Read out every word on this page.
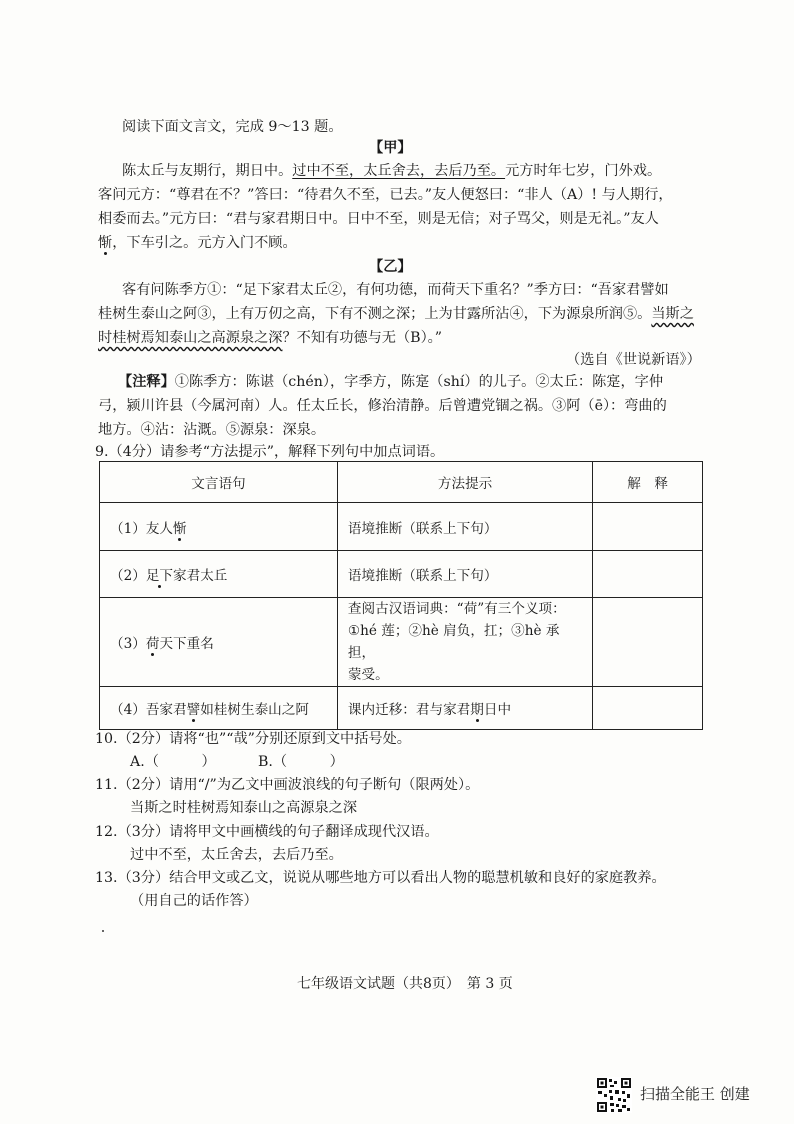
阅读下面文言文，完成 9～13 题。
【甲】
陈太丘与友期行，期日中。过中不至，太丘舍去，去后乃至。元方时年七岁，门外戏。
客问元方：“尊君在不？”答曰：“待君久不至，已去。”友人便怒曰：“非人（A）! 与人期行，
相委而去。”元方曰：“君与家君期日中。日中不至，则是无信；对子骂父，则是无礼。”友人
惭，下车引之。元方入门不顾。
【乙】
客有问陈季方①：“足下家君太丘②，有何功德，而荷天下重名？”季方曰：“吾家君譬如
桂树生泰山之阿③，上有万仞之高，下有不测之深；上为甘露所沾④，下为源泉所润⑤。当斯之
时桂树焉知泰山之高源泉之深？不知有功德与无（B）。”
（选自《世说新语》）
【注释】①陈季方：陈谌（chén），字季方，陈寔（shí）的儿子。②太丘：陈寔，字仲
弓，颍川许县（今属河南）人。任太丘长，修治清静。后曾遭党锢之祸。③阿（ē）：弯曲的
地方。④沾：沾溉。⑤源泉：深泉。
9.（4分）请参考“方法提示”，解释下列句中加点词语。
文言语句	方法提示	解　释
（1）友人惭	语境推断（联系上下句）	
（2）足下家君太丘	语境推断（联系上下句）	
（3）荷天下重名	查阅古汉语词典：“荷”有三个义项：
①hé 莲；②hè 肩负，扛；③hè 承担，
蒙受。	

（4）吾家君譬如桂树生泰山之阿	课内迁移：君与家君期日中	
10.（2分）请将“也”“哉”分别还原到文中括号处。
A.（　　　）	B.（　　　）
11.（2分）请用“/”为乙文中画波浪线的句子断句（限两处）。
当斯之时桂树焉知泰山之高源泉之深
12.（3分）请将甲文中画横线的句子翻译成现代汉语。
过中不至，太丘舍去，去后乃至。
13.（3分）结合甲文或乙文，说说从哪些地方可以看出人物的聪慧机敏和良好的家庭教养。
（用自己的话作答）
七年级语文试题（共8页）　第 3 页
扫描全能王 创建
